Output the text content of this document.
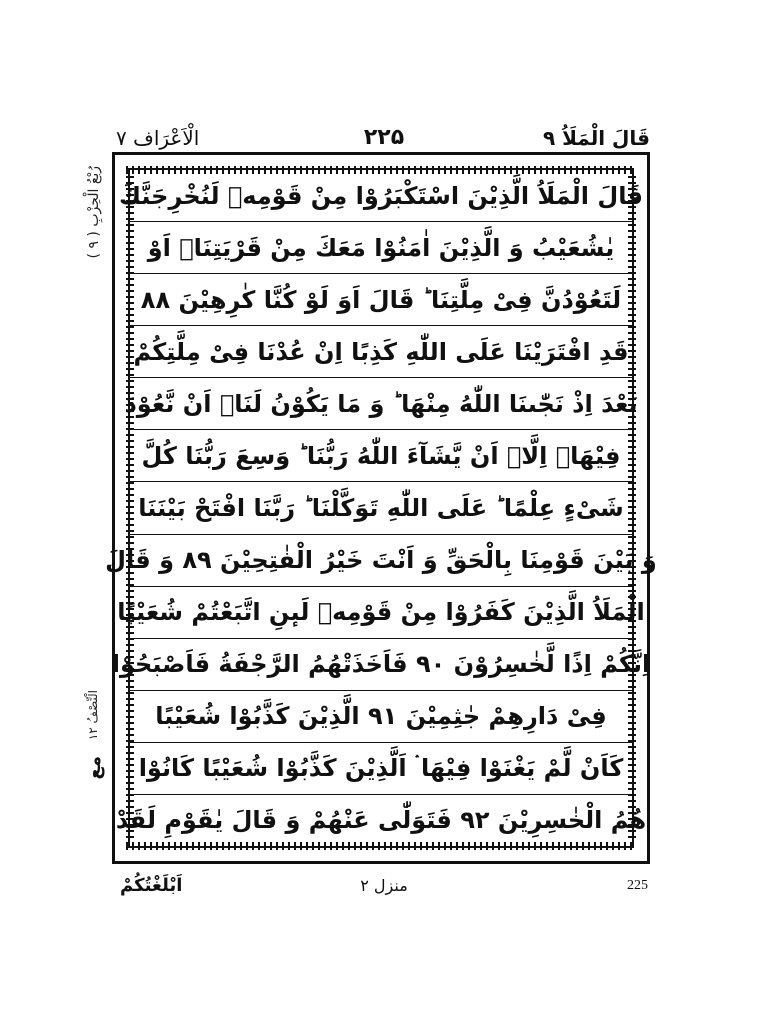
قَالَ الْمَلَاُ ۹
۲۲۵
الْاَعْرَاف ۷
قَالَ الْمَلَاُ الَّذِیْنَ اسْتَكْبَرُوْا مِنْ قَوْمِهٖ لَنُخْرِجَنَّكَ
یٰشُعَیْبُ وَ الَّذِیْنَ اٰمَنُوْا مَعَكَ مِنْ قَرْیَتِنَاۤ اَوْ
لَتَعُوْدُنَّ فِیْ مِلَّتِنَا ؕ قَالَ اَوَ لَوْ كُنَّا كٰرِهِیْنَ ۸۸
قَدِ افْتَرَیْنَا عَلَى اللّٰهِ كَذِبًا اِنْ عُدْنَا فِیْ مِلَّتِكُمْ
بَعْدَ اِذْ نَجّٰىنَا اللّٰهُ مِنْهَا ؕ وَ مَا یَكُوْنُ لَنَاۤ اَنْ نَّعُوْدَ
فِیْهَاۤ اِلَّاۤ اَنْ یَّشَآءَ اللّٰهُ رَبُّنَا ؕ وَسِعَ رَبُّنَا كُلَّ
شَیْءٍ عِلْمًا ؕ عَلَى اللّٰهِ تَوَكَّلْنَا ؕ رَبَّنَا افْتَحْ بَیْنَنَا
وَ بَیْنَ قَوْمِنَا بِالْحَقِّ وَ اَنْتَ خَیْرُ الْفٰتِحِیْنَ ۸۹ وَ قَالَ
الْمَلَاُ الَّذِیْنَ كَفَرُوْا مِنْ قَوْمِهٖ لَىٕنِ اتَّبَعْتُمْ شُعَیْبًا
اِنَّكُمْ اِذًا لَّخٰسِرُوْنَ ۹۰ فَاَخَذَتْهُمُ الرَّجْفَةُ فَاَصْبَحُوْا
فِیْ دَارِهِمْ جٰثِمِیْنَ ۹۱ الَّذِیْنَ كَذَّبُوْا شُعَیْبًا
كَاَنْ لَّمْ یَغْنَوْا فِیْهَا ۛ اَلَّذِیْنَ كَذَّبُوْا شُعَیْبًا كَانُوْا
هُمُ الْخٰسِرِیْنَ ۹۲ فَتَوَلّٰى عَنْهُمْ وَ قَالَ یٰقَوْمِ لَقَدْ
( ۹ ) رُبْعُ الْحِزْبِ
الْنِّصْفُ ۱۲
مع
اَبْلَغْتُكُمْ	منزل ۲	225
